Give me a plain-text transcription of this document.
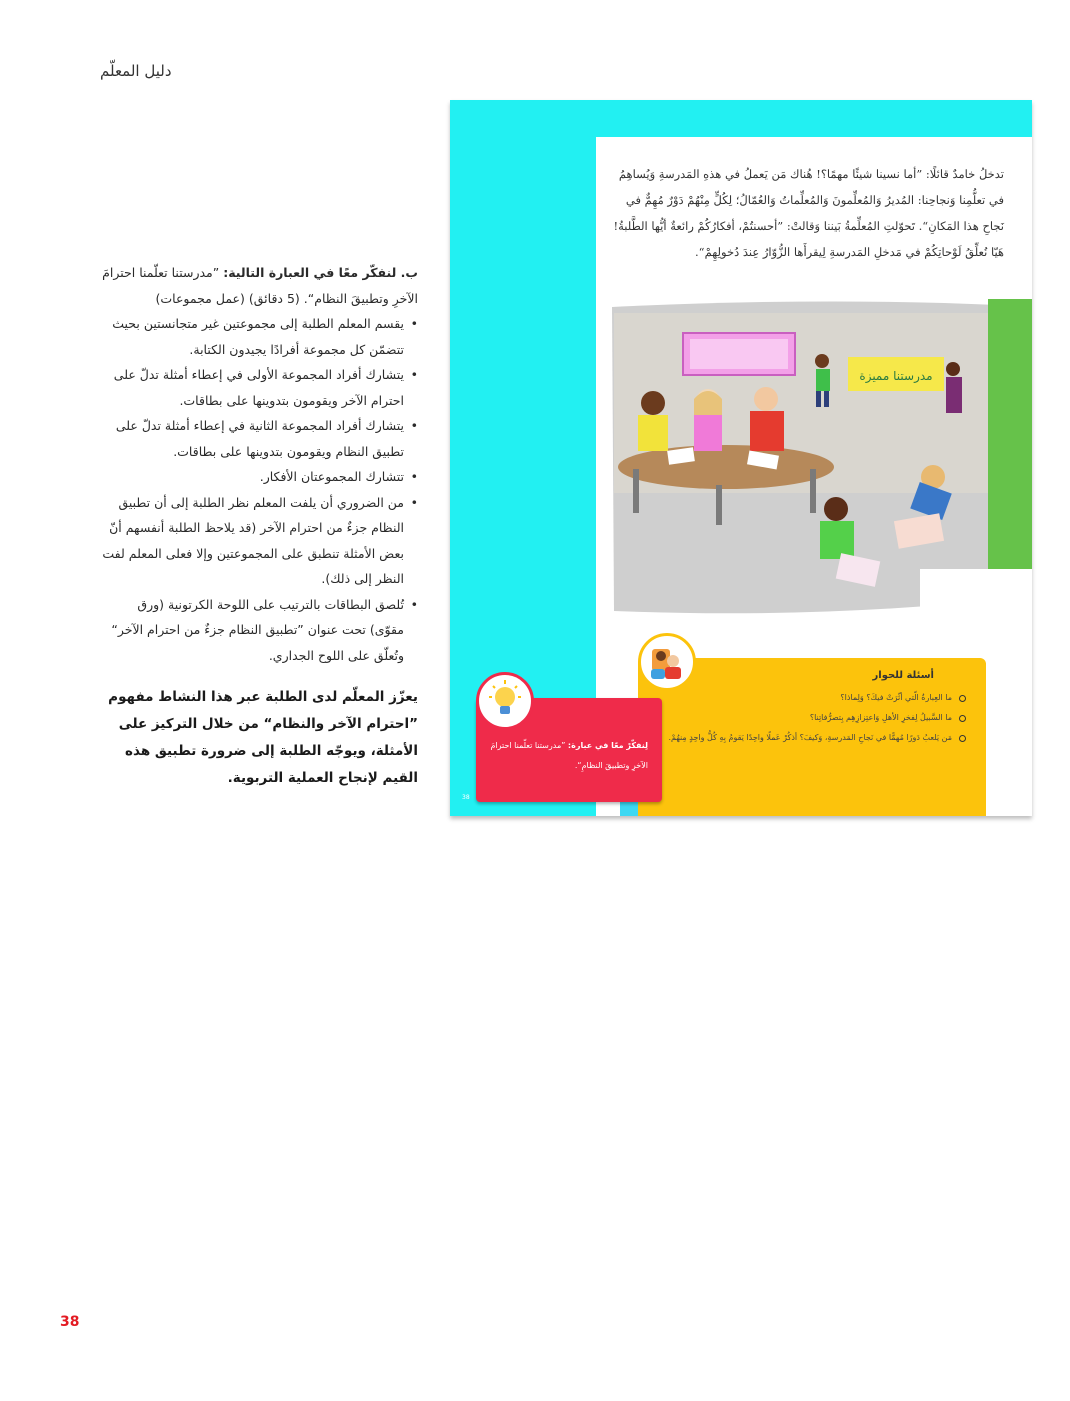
دليل المعلّم
ب. لنفكّر معًا في العبارة التالية: ”مدرستنا تعلّمنا احترامَ الآخرِ وتطبيقَ النظام“. (5 دقائق) (عمل مجموعات)
• يقسم المعلم الطلبة إلى مجموعتين غير متجانستين بحيث تتضمّن كل مجموعة أفرادًا يجيدون الكتابة.
• يتشارك أفراد المجموعة الأولى في إعطاء أمثلة تدلّ على احترام الآخر ويقومون بتدوينها على بطاقات.
• يتشارك أفراد المجموعة الثانية في إعطاء أمثلة تدلّ على تطبيق النظام ويقومون بتدوينها على بطاقات.
• تتشارك المجموعتان الأفكار.
• من الضروري أن يلفت المعلم نظر الطلبة إلى أن تطبيق النظام جزءٌ من احترام الآخر (قد يلاحظ الطلبة أنفسهم أنّ بعض الأمثلة تنطبق على المجموعتين وإلا فعلى المعلم لفت النظر إلى ذلك).
• تُلصق البطاقات بالترتيب على اللوحة الكرتونية (ورق مقوّى) تحت عنوان ”تطبيق النظام جزءٌ من احترام الآخر“ وتُعلّق على اللوح الجداري.
يعزّز المعلّم لدى الطلبة عبر هذا النشاط مفهوم ”احترام الآخر والنظام“ من خلال التركيز على الأمثلة، ويوجّه الطلبة إلى ضرورة تطبيق هذه القيم لإنجاح العملية التربوية.
38
تدخلُ خامدٌ قائلًا: ”أما نسينا شيئًا مهمًا؟! هُناك مَن يَعملُ في هذهِ المَدرسةِ وَيُساهِمُ في تعلُّمِنا وَنجاحِنا: المُديرُ وَالمُعلِّمونَ وَالمُعلِّماتُ وَالعُمّالُ؛ لِكُلٍّ مِنْهُمْ دَوْرٌ مُهِمٌّ في نَجاحِ هذا المَكانِ“. تَحوّلتِ المُعلِّمةُ بَيننا وَقالتْ: ”أحسنتُمْ، أفكارُكُمْ رائعةٌ أيُّها الطَّلبةُ! هَيّا نُعلِّقُ لَوْحاتِكُمْ في مَدخلِ المَدرسةِ لِيقرأَها الزُّوّارُ عِندَ دُخولِهِمْ“.
مدرستنا مميزة
أسئلة للحوار
ما العِبارةُ الّتي أثّرَتْ فيكَ؟ وَلِماذا؟
ما السَّبيلُ لِفخرِ الأهلِ وَاعتِزازِهِم بِتصرُّفاتِنا؟
مَن يَلعبُ دَورًا مُهمًّا في نَجاحِ المَدرسةِ، وَكيفَ؟ أذكُرْ عَملًا واحِدًا يَقومُ بِهِ كُلُّ واحِدٍ مِنهُمْ.

لِنفكّرْ معًا في عبارة: ”مدرستنا تعلّمنا احترامَ الآخرِ وتطبيقَ النظامِ“.

38
